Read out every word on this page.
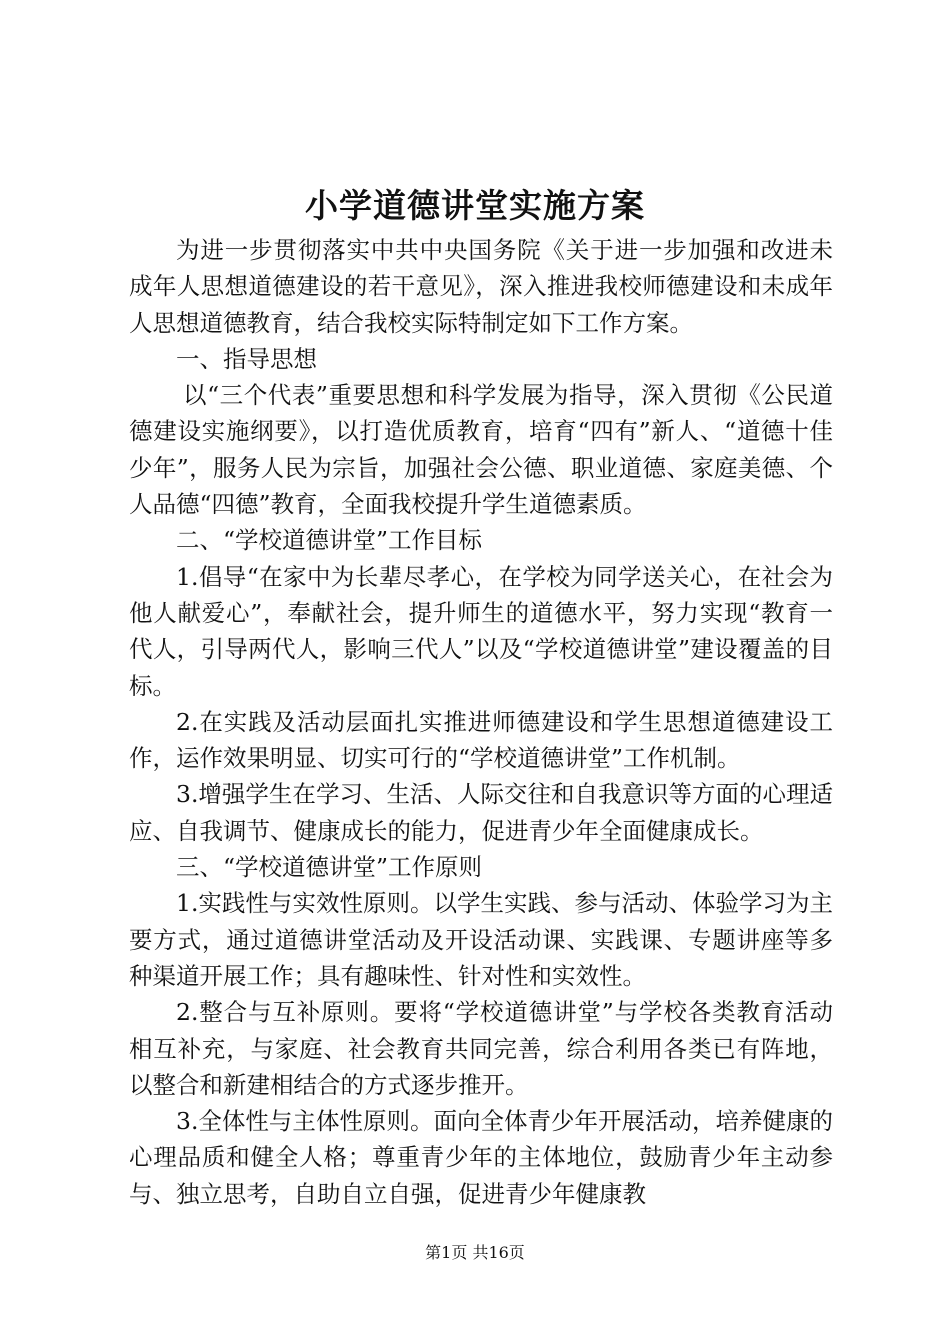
小学道德讲堂实施方案

为进一步贯彻落实中共中央国务院《关于进一步加强和改进未成年人思想道德建设的若干意见》，深入推进我校师德建设和未成年人思想道德教育，结合我校实际特制定如下工作方案。

一、指导思想

以“三个代表”重要思想和科学发展为指导，深入贯彻《公民道德建设实施纲要》，以打造优质教育，培育“四有”新人、“道德十佳少年”，服务人民为宗旨，加强社会公德、职业道德、家庭美德、个人品德“四德”教育，全面我校提升学生道德素质。

二、“学校道德讲堂”工作目标

1.倡导“在家中为长辈尽孝心，在学校为同学送关心，在社会为他人献爱心”，奉献社会，提升师生的道德水平，努力实现“教育一代人，引导两代人，影响三代人”以及“学校道德讲堂”建设覆盖的目标。

2.在实践及活动层面扎实推进师德建设和学生思想道德建设工作，运作效果明显、切实可行的“学校道德讲堂”工作机制。

3.增强学生在学习、生活、人际交往和自我意识等方面的心理适应、自我调节、健康成长的能力，促进青少年全面健康成长。

三、“学校道德讲堂”工作原则

1.实践性与实效性原则。以学生实践、参与活动、体验学习为主要方式，通过道德讲堂活动及开设活动课、实践课、专题讲座等多种渠道开展工作；具有趣味性、针对性和实效性。

2.整合与互补原则。要将“学校道德讲堂”与学校各类教育活动相互补充，与家庭、社会教育共同完善，综合利用各类已有阵地，以整合和新建相结合的方式逐步推开。

3.全体性与主体性原则。面向全体青少年开展活动，培养健康的心理品质和健全人格；尊重青少年的主体地位，鼓励青少年主动参与、独立思考，自助自立自强，促进青少年健康教

第1页 共16页
